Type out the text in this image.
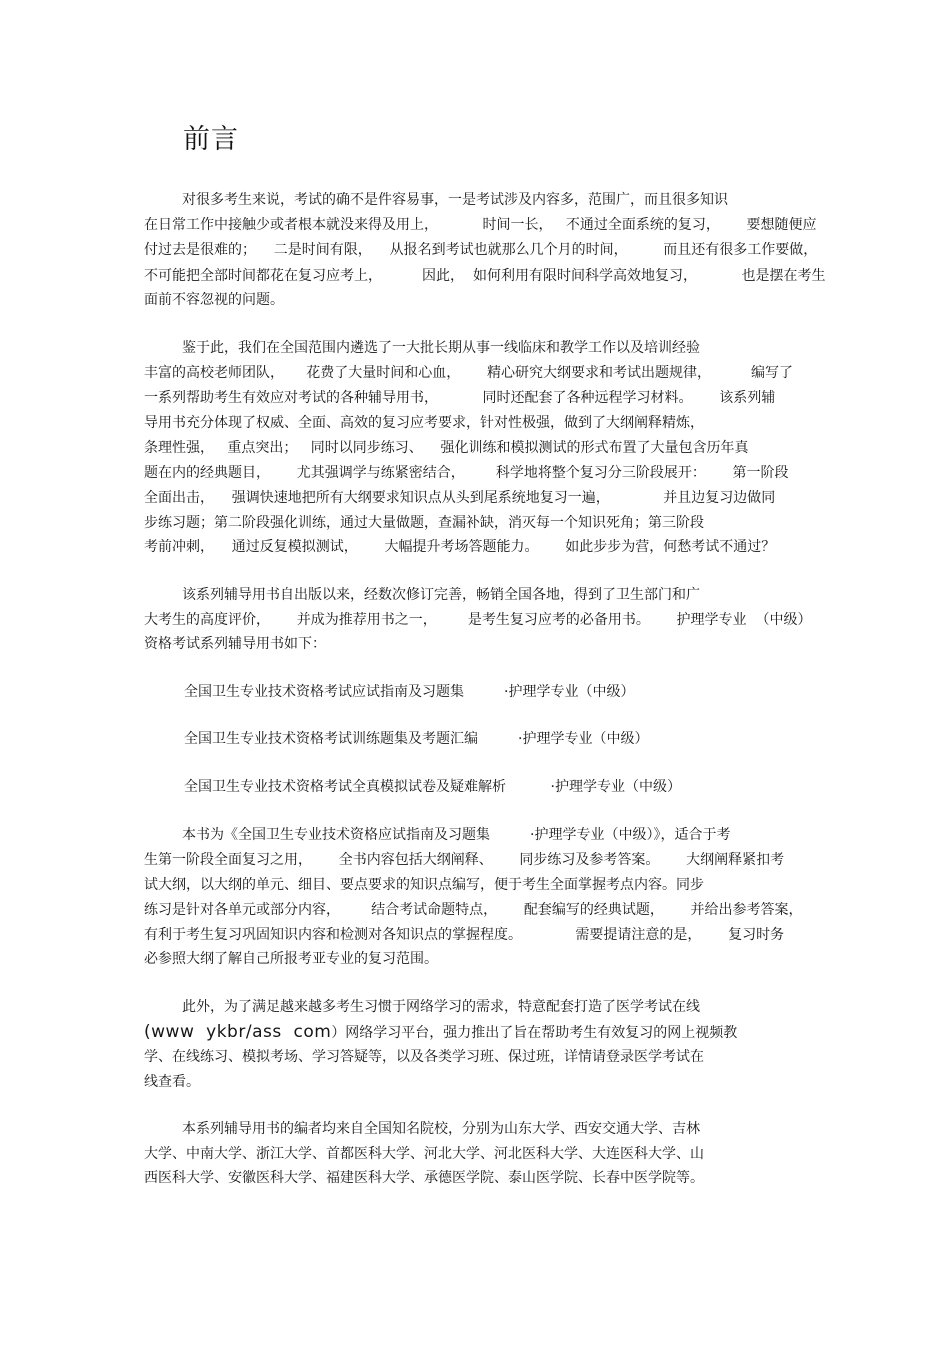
前言
对很多考生来说，考试的确不是件容易事，一是考试涉及内容多，范围广，而且很多知识
在日常工作中接触少或者根本就没来得及用上，          时间一长，   不通过全面系统的复习，      要想随便应
付过去是很难的；    二是时间有限，    从报名到考试也就那么几个月的时间，        而且还有很多工作要做，
不可能把全部时间都花在复习应考上，         因此，  如何利用有限时间科学高效地复习，          也是摆在考生
面前不容忽视的问题。
鉴于此，我们在全国范围内遴选了一大批长期从事一线临床和教学工作以及培训经验
丰富的高校老师团队，     花费了大量时间和心血，      精心研究大纲要求和考试出题规律，         编写了
一系列帮助考生有效应对考试的各种辅导用书，          同时还配套了各种远程学习材料。      该系列辅
导用书充分体现了权威、全面、高效的复习应考要求，针对性极强，做到了大纲阐释精炼，
条理性强，   重点突出；   同时以同步练习、    强化训练和模拟测试的形式布置了大量包含历年真
题在内的经典题目，      尤其强调学与练紧密结合，       科学地将整个复习分三阶段展开：      第一阶段
全面出击，    强调快速地把所有大纲要求知识点从头到尾系统地复习一遍，            并且边复习边做同
步练习题；第二阶段强化训练，通过大量做题，查漏补缺，消灭每一个知识死角；第三阶段
考前冲刺，    通过反复模拟测试，      大幅提升考场答题能力。      如此步步为营，何愁考试不通过？
该系列辅导用书自出版以来，经数次修订完善，畅销全国各地，得到了卫生部门和广
大考生的高度评价，      并成为推荐用书之一，       是考生复习应考的必备用书。      护理学专业  （中级）
资格考试系列辅导用书如下：
全国卫生专业技术资格考试应试指南及习题集         ·护理学专业（中级）
全国卫生专业技术资格考试训练题集及考题汇编         ·护理学专业（中级）
全国卫生专业技术资格考试全真模拟试卷及疑难解析          ·护理学专业（中级）
本书为《全国卫生专业技术资格应试指南及习题集         ·护理学专业（中级）》，适合于考
生第一阶段全面复习之用，      全书内容包括大纲阐释、      同步练习及参考答案。      大纲阐释紧扣考
试大纲，以大纲的单元、细目、要点要求的知识点编写，便于考生全面掌握考点内容。同步
练习是针对各单元或部分内容，       结合考试命题特点，      配套编写的经典试题，      并给出参考答案，
有利于考生复习巩固知识内容和检测对各知识点的掌握程度。            需要提请注意的是，      复习时务
必参照大纲了解自己所报考亚专业的复习范围。
此外，为了满足越来越多考生习惯于网络学习的需求，特意配套打造了医学考试在线
(www  ykbr/ass  com）网络学习平台，强力推出了旨在帮助考生有效复习的网上视频教
学、在线练习、模拟考场、学习答疑等，以及各类学习班、保过班，详情请登录医学考试在
线查看。
本系列辅导用书的编者均来自全国知名院校，分别为山东大学、西安交通大学、吉林
大学、中南大学、浙江大学、首都医科大学、河北大学、河北医科大学、大连医科大学、山
西医科大学、安徽医科大学、福建医科大学、承德医学院、泰山医学院、长春中医学院等。
